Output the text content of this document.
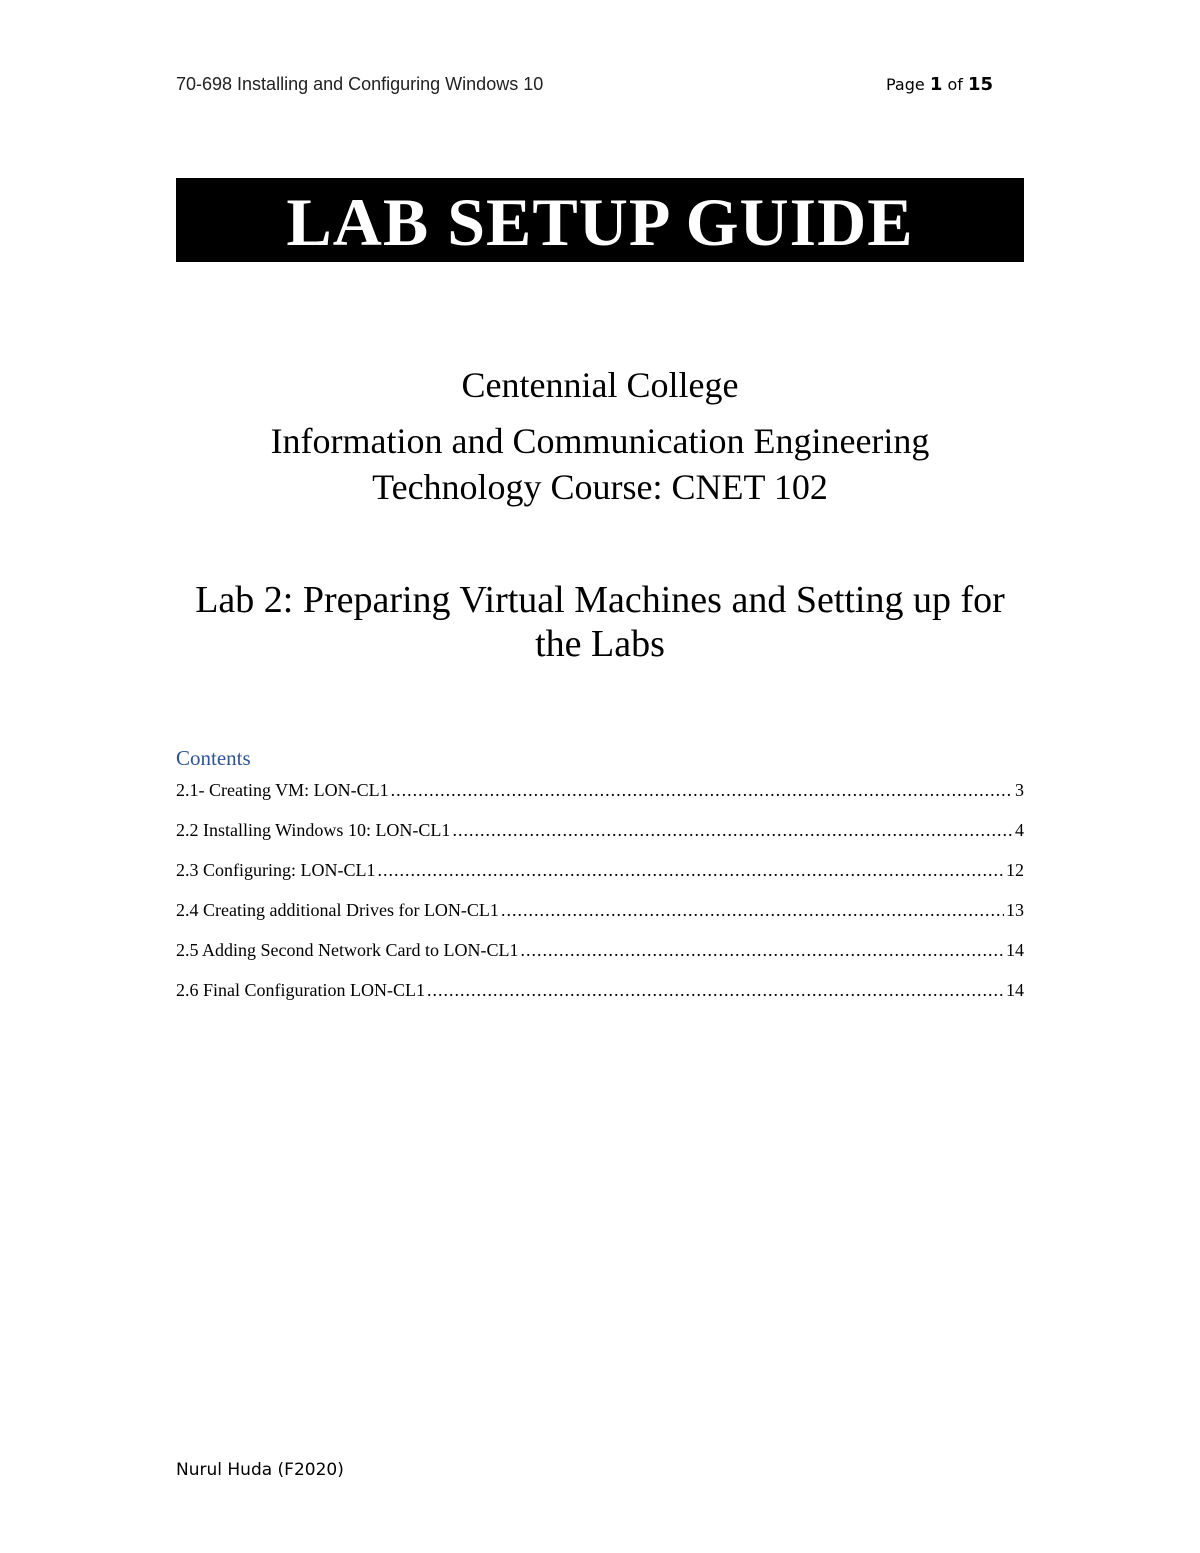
70-698 Installing and Configuring Windows 10	Page 1 of 15
LAB SETUP GUIDE
Centennial College
Information and Communication Engineering
Technology Course: CNET 102
Lab 2: Preparing Virtual Machines and Setting up for
the Labs
Contents
2.1- Creating VM: LON-CL1 .....	3
2.2 Installing Windows 10: LON-CL1 .....	4
2.3 Configuring: LON-CL1 .....	12
2.4 Creating additional Drives for LON-CL1 .....	13
2.5 Adding Second Network Card to LON-CL1 .....	14
2.6 Final Configuration LON-CL1 .....	14
Nurul Huda (F2020)
